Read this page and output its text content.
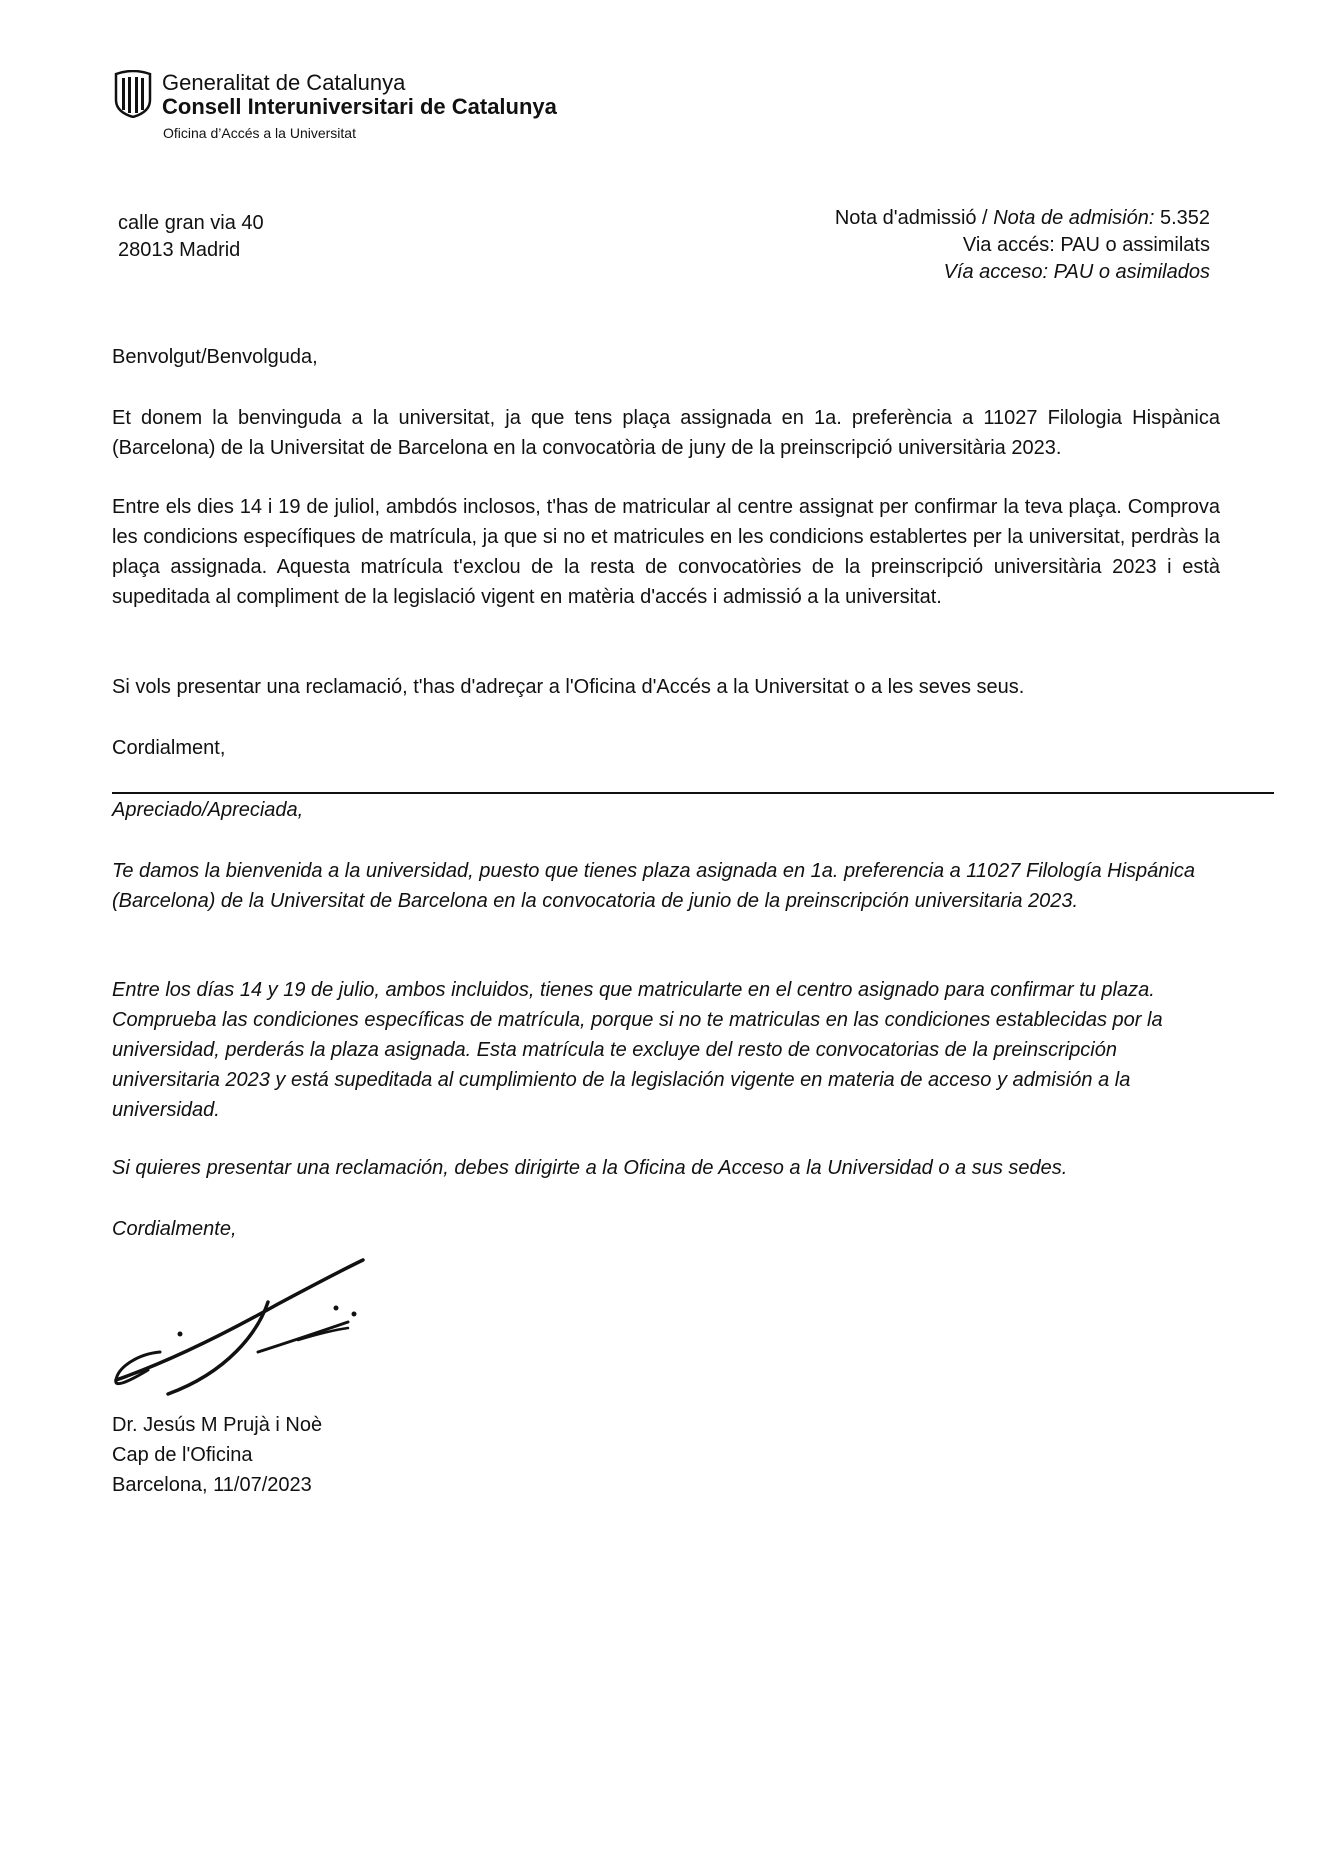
Generalitat de Catalunya
Consell Interuniversitari de Catalunya
Oficina d’Accés a la Universitat

calle gran via 40
28013 Madrid
Nota d'admissió / Nota de admisión: 5.352
Via accés: PAU o assimilats
Vía acceso: PAU o asimilados

Benvolgut/Benvolguda,

Et donem la benvinguda a la universitat, ja que tens plaça assignada en 1a. preferència a 11027 Filologia Hispànica (Barcelona) de la Universitat de Barcelona en la convocatòria de juny de la preinscripció universitària 2023.

Entre els dies 14 i 19 de juliol, ambdós inclosos, t'has de matricular al centre assignat per confirmar la teva plaça. Comprova les condicions específiques de matrícula, ja que si no et matricules en les condicions establertes per la universitat, perdràs la plaça assignada. Aquesta matrícula t'exclou de la resta de convocatòries de la preinscripció universitària 2023 i està supeditada al compliment de la legislació vigent en matèria d'accés i admissió a la universitat.

Si vols presentar una reclamació, t'has d'adreçar a l'Oficina d'Accés a la Universitat o a les seves seus.

Cordialment,

Apreciado/Apreciada,

Te damos la bienvenida a la universidad, puesto que tienes plaza asignada en 1a. preferencia a 11027 Filología Hispánica (Barcelona) de la Universitat de Barcelona en la convocatoria de junio de la preinscripción universitaria 2023.

Entre los días 14 y 19 de julio, ambos incluidos, tienes que matricularte en el centro asignado para confirmar tu plaza. Comprueba las condiciones específicas de matrícula, porque si no te matriculas en las condiciones establecidas por la universidad, perderás la plaza asignada. Esta matrícula te excluye del resto de convocatorias de la preinscripción universitaria 2023 y está supeditada al cumplimiento de la legislación vigente en materia de acceso y admisión a la universidad.

Si quieres presentar una reclamación, debes dirigirte a la Oficina de Acceso a la Universidad o a sus sedes.

Cordialmente,

Dr. Jesús M Prujà i Noè
Cap de l'Oficina
Barcelona, 11/07/2023
